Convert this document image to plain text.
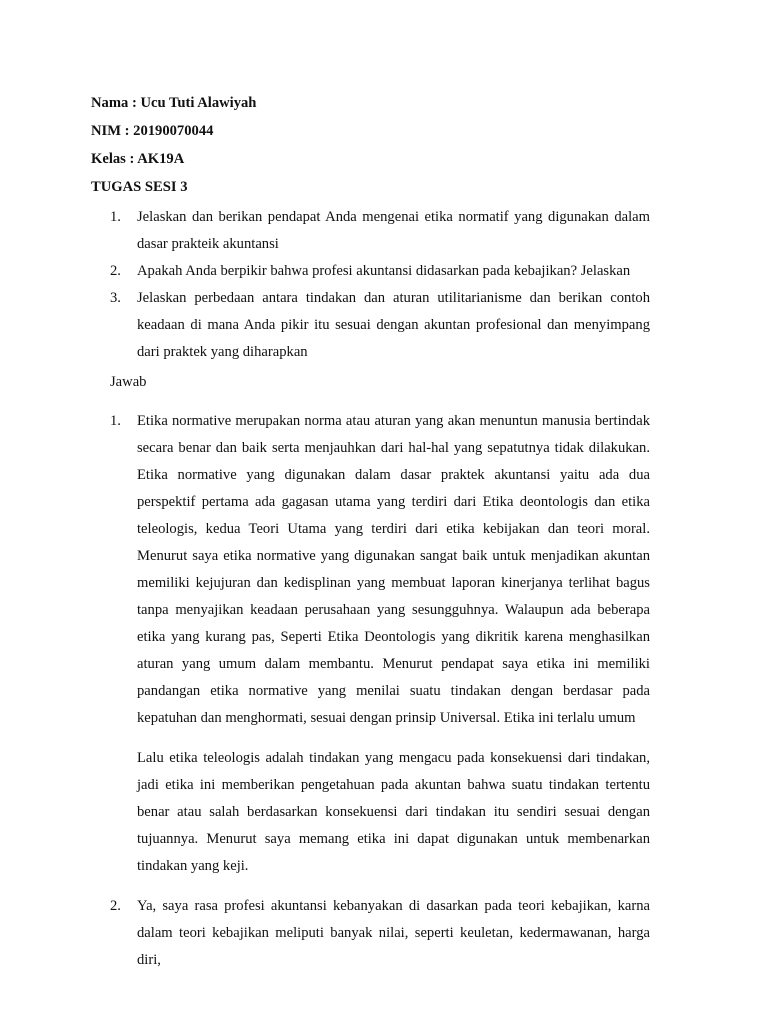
Nama : Ucu Tuti Alawiyah
NIM : 20190070044
Kelas : AK19A
TUGAS SESI 3
1. Jelaskan dan berikan pendapat Anda mengenai etika normatif yang digunakan dalam dasar prakteik akuntansi
2. Apakah Anda berpikir bahwa profesi akuntansi didasarkan pada kebajikan? Jelaskan
3. Jelaskan perbedaan antara tindakan dan aturan utilitarianisme dan berikan contoh keadaan di mana Anda pikir itu sesuai dengan akuntan profesional dan menyimpang dari praktek yang diharapkan
Jawab
1. Etika normative merupakan norma atau aturan yang akan menuntun manusia bertindak secara benar dan baik serta menjauhkan dari hal-hal yang sepatutnya tidak dilakukan. Etika normative yang digunakan dalam dasar praktek akuntansi yaitu ada dua perspektif pertama ada gagasan utama yang terdiri dari Etika deontologis dan etika teleologis, kedua Teori Utama yang terdiri dari etika kebijakan dan teori moral. Menurut saya etika normative yang digunakan sangat baik untuk menjadikan akuntan memiliki kejujuran dan kedisplinan yang membuat laporan kinerjanya terlihat bagus tanpa menyajikan keadaan perusahaan yang sesungguhnya. Walaupun ada beberapa etika yang kurang pas, Seperti Etika Deontologis yang dikritik karena menghasilkan aturan yang umum dalam membantu. Menurut pendapat saya etika ini memiliki pandangan etika normative yang menilai suatu tindakan dengan berdasar pada kepatuhan dan menghormati, sesuai dengan prinsip Universal. Etika ini terlalu umum

Lalu etika teleologis adalah tindakan yang mengacu pada konsekuensi dari tindakan, jadi etika ini memberikan pengetahuan pada akuntan bahwa suatu tindakan tertentu benar atau salah berdasarkan konsekuensi dari tindakan itu sendiri sesuai dengan tujuannya. Menurut saya memang etika ini dapat digunakan untuk membenarkan tindakan yang keji.

2. Ya, saya rasa profesi akuntansi kebanyakan di dasarkan pada teori kebajikan, karna dalam teori kebajikan meliputi banyak nilai, seperti keuletan, kedermawanan, harga diri,
